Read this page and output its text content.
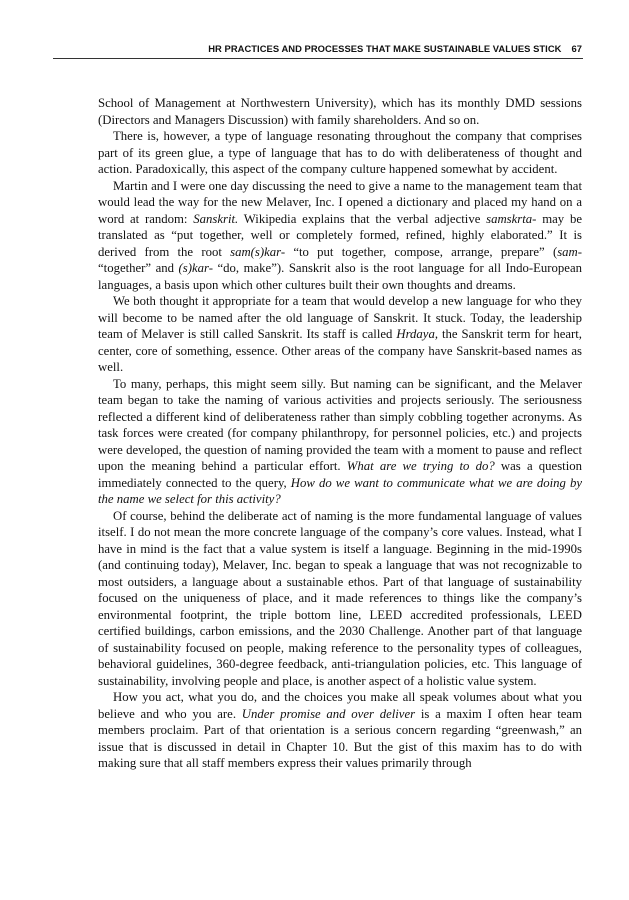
HR PRACTICES AND PROCESSES THAT MAKE SUSTAINABLE VALUES STICK 67

School of Management at Northwestern University), which has its monthly DMD sessions (Directors and Managers Discussion) with family shareholders. And so on.

There is, however, a type of language resonating throughout the company that comprises part of its green glue, a type of language that has to do with deliberateness of thought and action. Paradoxically, this aspect of the company culture happened somewhat by accident.

Martin and I were one day discussing the need to give a name to the management team that would lead the way for the new Melaver, Inc. I opened a dictionary and placed my hand on a word at random: Sanskrit. Wikipedia explains that the verbal adjective samskrta- may be translated as “put together, well or completely formed, refined, highly elaborated.” It is derived from the root sam(s)kar- “to put together, compose, arrange, prepare” (sam- “together” and (s)kar- “do, make”). Sanskrit also is the root language for all Indo-European languages, a basis upon which other cultures built their own thoughts and dreams.

We both thought it appropriate for a team that would develop a new language for who they will become to be named after the old language of Sanskrit. It stuck. Today, the leadership team of Melaver is still called Sanskrit. Its staff is called Hrdaya, the Sanskrit term for heart, center, core of something, essence. Other areas of the company have Sanskrit-based names as well.

To many, perhaps, this might seem silly. But naming can be significant, and the Melaver team began to take the naming of various activities and projects seriously. The seriousness reflected a different kind of deliberateness rather than simply cobbling together acronyms. As task forces were created (for company philanthropy, for personnel policies, etc.) and projects were developed, the question of naming provided the team with a moment to pause and reflect upon the meaning behind a particular effort. What are we trying to do? was a question immediately connected to the query, How do we want to communicate what we are doing by the name we select for this activity?

Of course, behind the deliberate act of naming is the more fundamental language of values itself. I do not mean the more concrete language of the company’s core values. Instead, what I have in mind is the fact that a value system is itself a language. Beginning in the mid-1990s (and continuing today), Melaver, Inc. began to speak a language that was not recognizable to most outsiders, a language about a sustainable ethos. Part of that language of sustainability focused on the uniqueness of place, and it made references to things like the company’s environmental footprint, the triple bottom line, LEED accredited professionals, LEED certified buildings, carbon emissions, and the 2030 Challenge. Another part of that language of sustainability focused on people, making reference to the personality types of colleagues, behavioral guidelines, 360-degree feedback, anti-triangulation policies, etc. This language of sustainability, involving people and place, is another aspect of a holistic value system.

How you act, what you do, and the choices you make all speak volumes about what you believe and who you are. Under promise and over deliver is a maxim I often hear team members proclaim. Part of that orientation is a serious concern regarding “greenwash,” an issue that is discussed in detail in Chapter 10. But the gist of this maxim has to do with making sure that all staff members express their values primarily through
